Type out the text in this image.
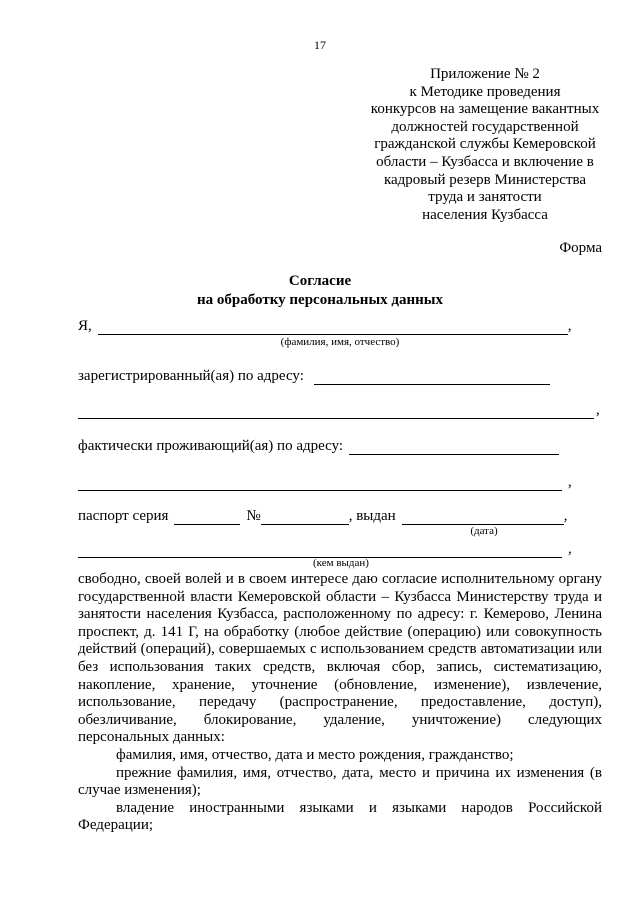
17
Приложение № 2
к Методике проведения
конкурсов на замещение вакантных
должностей государственной
гражданской службы Кемеровской
области – Кузбасса и включение в
кадровый резерв Министерства
труда и занятости
населения Кузбасса
Форма
Согласие
на обработку персональных данных
Я,	,
(фамилия, имя, отчество)
зарегистрированный(ая) по адресу:
,
фактически проживающий(ая) по адресу:
,
паспорт серия	№	, выдан	,
(дата)
,
(кем выдан)

свободно, своей волей и в своем интересе даю согласие исполнительному органу государственной власти Кемеровской области – Кузбасса Министерству труда и занятости населения Кузбасса, расположенному по адресу: г. Кемерово, Ленина проспект, д. 141 Г, на обработку (любое действие (операцию) или совокупность действий (операций), совершаемых с использованием средств автоматизации или без использования таких средств, включая сбор, запись, систематизацию, накопление, хранение, уточнение (обновление, изменение), извлечение, использование, передачу (распространение, предоставление, доступ), обезличивание, блокирование, удаление, уничтожение) следующих персональных данных:

фамилия, имя, отчество, дата и место рождения, гражданство;

прежние фамилия, имя, отчество, дата, место и причина их изменения (в случае изменения);

владение иностранными языками и языками народов Российской Федерации;
